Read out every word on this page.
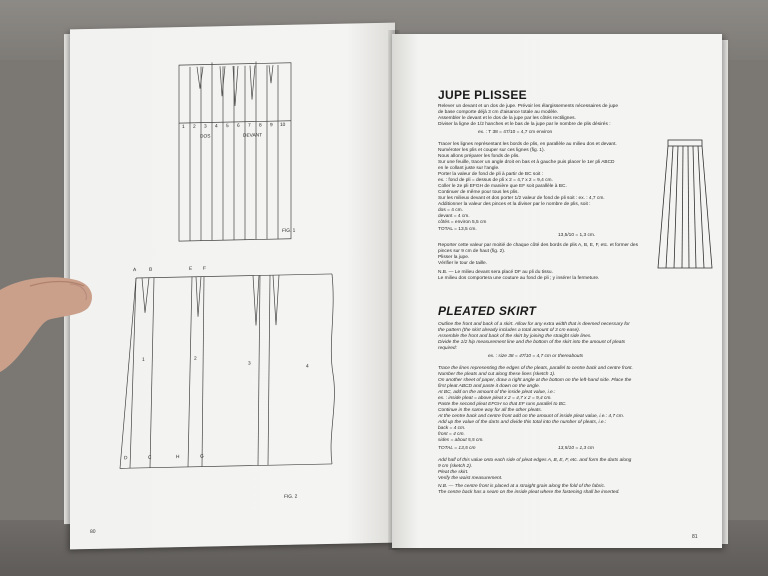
1 2 3 4 5 6 7 8 9 10
DOS	DEVANT
FIG. 1
A	B	E F
1	2
3
4
D	C	H	G
FIG. 2
80
JUPE PLISSEE
Relever un devant et un dos de jupe. Prévoir les élargissements nécessaires de jupe
de base comporte déjà 3 cm d'aisance totale au modèle.
Assembler le devant et le dos de la jupe par les côtés rectilignes.
Diviser la ligne de 1/2 hanches et le bas de la jupe par le nombre de plis désirés :
ex. : T 38 = 47/10 = 4,7 cm environ
Tracer les lignes représentant les bords de plis, en parallèle au milieu dos et devant.
Numéroter les plis et couper sur ces lignes (fig. 1).
Nous allons préparer les fonds de plis.
Sur une feuille, tracer un angle droit en bas et à gauche puis placer le 1er pli ABCD
en le collant juste sur l'angle.
Porter la valeur de fond de pli à partir de BC soit :
ex. : fond de pli = dessus de pli x 2 = 4,7 x 2 = 9,4 cm.
Coller le 2e pli EFGH de manière que EF soit parallèle à BC.
Continuer de même pour tous les plis.
Sur les milieux devant et dos porter 1/2 valeur de fond de pli soit : ex. : 4,7 cm.
Additionner la valeur des pinces et la diviser par le nombre de plis, soit :
dos = 4 cm.
devant = 4 cm.
côtés = environ 5,5 cm
TOTAL = 13,5 cm.
13,5/10 = 1,3 cm.
Reporter cette valeur par moitié de chaque côté des bords de plis A, B, E, F, etc. et former des
pinces sur 9 cm de haut (fig. 2).
Plisser la jupe.
Vérifier le tour de taille.
N.B. — Le milieu devant sera placé DF au pli du tissu.
Le milieu dos comportera une couture au fond de pli ; y insérer la fermeture.
PLEATED SKIRT
Outline the front and back of a skirt. Allow for any extra width that is deemed necessary for
the pattern (the skirt already includes a total amount of 3 cm ease).
Assemble the front and back of the skirt by joining the straight side lines.
Divide the 1/2 hip measurement line and the bottom of the skirt into the amount of pleats
required:
ex. : size 38 = 47/10 = 4,7 cm or thereabouts
Trace the lines representing the edges of the pleats, parallel to centre back and centre front.
Number the pleats and cut along these lines (sketch 1).
On another sheet of paper, draw a right angle at the bottom on the left-hand side. Place the
first pleat ABCD and paste it down on the angle.
At BC, add on the amount of the inside pleat value, i.e.:
ex. : inside pleat = above pleat x 2 = 4,7 x 2 = 9,4 cm.
Paste the second pleat EFGH so that EF runs parallel to BC.
Continue in the same way for all the other pleats.
At the centre back and centre front add on the amount of inside pleat value, i.e.: 4,7 cm.
Add up the value of the darts and divide this total into the number of pleats, i.e.:
back = 4 cm.
front = 4 cm.
sides = about 5,5 cm.
TOTAL = 13,5 cm	13,5/10 = 1,3 cm
Add half of this value onto each side of pleat edges A, B, E, F, etc. and form the darts along
9 cm (sketch 2).
Pleat the skirt.
Verify the waist measurement.
N.B. — The centre front is placed at a straight grain along the fold of the fabric.
The centre back has a seam on the inside pleat where the fastening shall be inserted.
81
